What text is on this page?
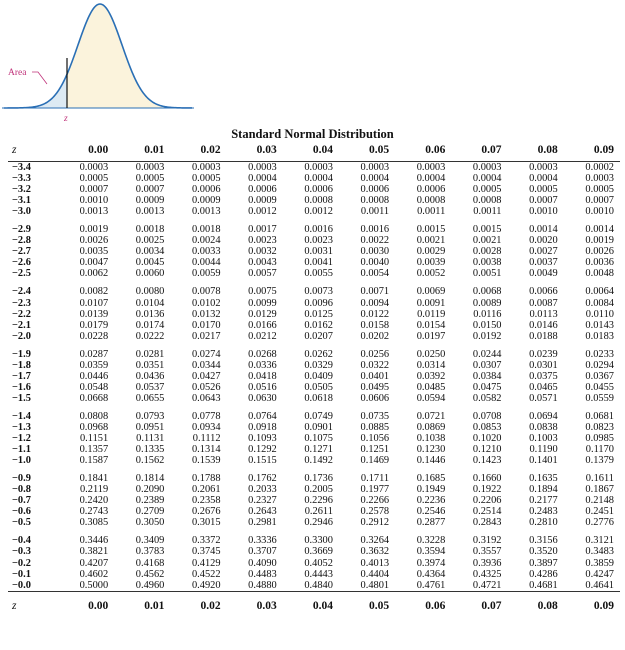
Area
z
Standard Normal Distribution
z	0.00	0.01	0.02	0.03	0.04	0.05	0.06	0.07	0.08	0.09
−3.4	0.0003	0.0003	0.0003	0.0003	0.0003	0.0003	0.0003	0.0003	0.0003	0.0002
−3.3	0.0005	0.0005	0.0005	0.0004	0.0004	0.0004	0.0004	0.0004	0.0004	0.0003
−3.2	0.0007	0.0007	0.0006	0.0006	0.0006	0.0006	0.0006	0.0005	0.0005	0.0005
−3.1	0.0010	0.0009	0.0009	0.0009	0.0008	0.0008	0.0008	0.0008	0.0007	0.0007
−3.0	0.0013	0.0013	0.0013	0.0012	0.0012	0.0011	0.0011	0.0011	0.0010	0.0010

−2.9	0.0019	0.0018	0.0018	0.0017	0.0016	0.0016	0.0015	0.0015	0.0014	0.0014
−2.8	0.0026	0.0025	0.0024	0.0023	0.0023	0.0022	0.0021	0.0021	0.0020	0.0019
−2.7	0.0035	0.0034	0.0033	0.0032	0.0031	0.0030	0.0029	0.0028	0.0027	0.0026
−2.6	0.0047	0.0045	0.0044	0.0043	0.0041	0.0040	0.0039	0.0038	0.0037	0.0036
−2.5	0.0062	0.0060	0.0059	0.0057	0.0055	0.0054	0.0052	0.0051	0.0049	0.0048

−2.4	0.0082	0.0080	0.0078	0.0075	0.0073	0.0071	0.0069	0.0068	0.0066	0.0064
−2.3	0.0107	0.0104	0.0102	0.0099	0.0096	0.0094	0.0091	0.0089	0.0087	0.0084
−2.2	0.0139	0.0136	0.0132	0.0129	0.0125	0.0122	0.0119	0.0116	0.0113	0.0110
−2.1	0.0179	0.0174	0.0170	0.0166	0.0162	0.0158	0.0154	0.0150	0.0146	0.0143
−2.0	0.0228	0.0222	0.0217	0.0212	0.0207	0.0202	0.0197	0.0192	0.0188	0.0183

−1.9	0.0287	0.0281	0.0274	0.0268	0.0262	0.0256	0.0250	0.0244	0.0239	0.0233
−1.8	0.0359	0.0351	0.0344	0.0336	0.0329	0.0322	0.0314	0.0307	0.0301	0.0294
−1.7	0.0446	0.0436	0.0427	0.0418	0.0409	0.0401	0.0392	0.0384	0.0375	0.0367
−1.6	0.0548	0.0537	0.0526	0.0516	0.0505	0.0495	0.0485	0.0475	0.0465	0.0455
−1.5	0.0668	0.0655	0.0643	0.0630	0.0618	0.0606	0.0594	0.0582	0.0571	0.0559

−1.4	0.0808	0.0793	0.0778	0.0764	0.0749	0.0735	0.0721	0.0708	0.0694	0.0681
−1.3	0.0968	0.0951	0.0934	0.0918	0.0901	0.0885	0.0869	0.0853	0.0838	0.0823
−1.2	0.1151	0.1131	0.1112	0.1093	0.1075	0.1056	0.1038	0.1020	0.1003	0.0985
−1.1	0.1357	0.1335	0.1314	0.1292	0.1271	0.1251	0.1230	0.1210	0.1190	0.1170
−1.0	0.1587	0.1562	0.1539	0.1515	0.1492	0.1469	0.1446	0.1423	0.1401	0.1379

−0.9	0.1841	0.1814	0.1788	0.1762	0.1736	0.1711	0.1685	0.1660	0.1635	0.1611
−0.8	0.2119	0.2090	0.2061	0.2033	0.2005	0.1977	0.1949	0.1922	0.1894	0.1867
−0.7	0.2420	0.2389	0.2358	0.2327	0.2296	0.2266	0.2236	0.2206	0.2177	0.2148
−0.6	0.2743	0.2709	0.2676	0.2643	0.2611	0.2578	0.2546	0.2514	0.2483	0.2451
−0.5	0.3085	0.3050	0.3015	0.2981	0.2946	0.2912	0.2877	0.2843	0.2810	0.2776

−0.4	0.3446	0.3409	0.3372	0.3336	0.3300	0.3264	0.3228	0.3192	0.3156	0.3121
−0.3	0.3821	0.3783	0.3745	0.3707	0.3669	0.3632	0.3594	0.3557	0.3520	0.3483
−0.2	0.4207	0.4168	0.4129	0.4090	0.4052	0.4013	0.3974	0.3936	0.3897	0.3859
−0.1	0.4602	0.4562	0.4522	0.4483	0.4443	0.4404	0.4364	0.4325	0.4286	0.4247
−0.0	0.5000	0.4960	0.4920	0.4880	0.4840	0.4801	0.4761	0.4721	0.4681	0.4641
z	0.00	0.01	0.02	0.03	0.04	0.05	0.06	0.07	0.08	0.09
